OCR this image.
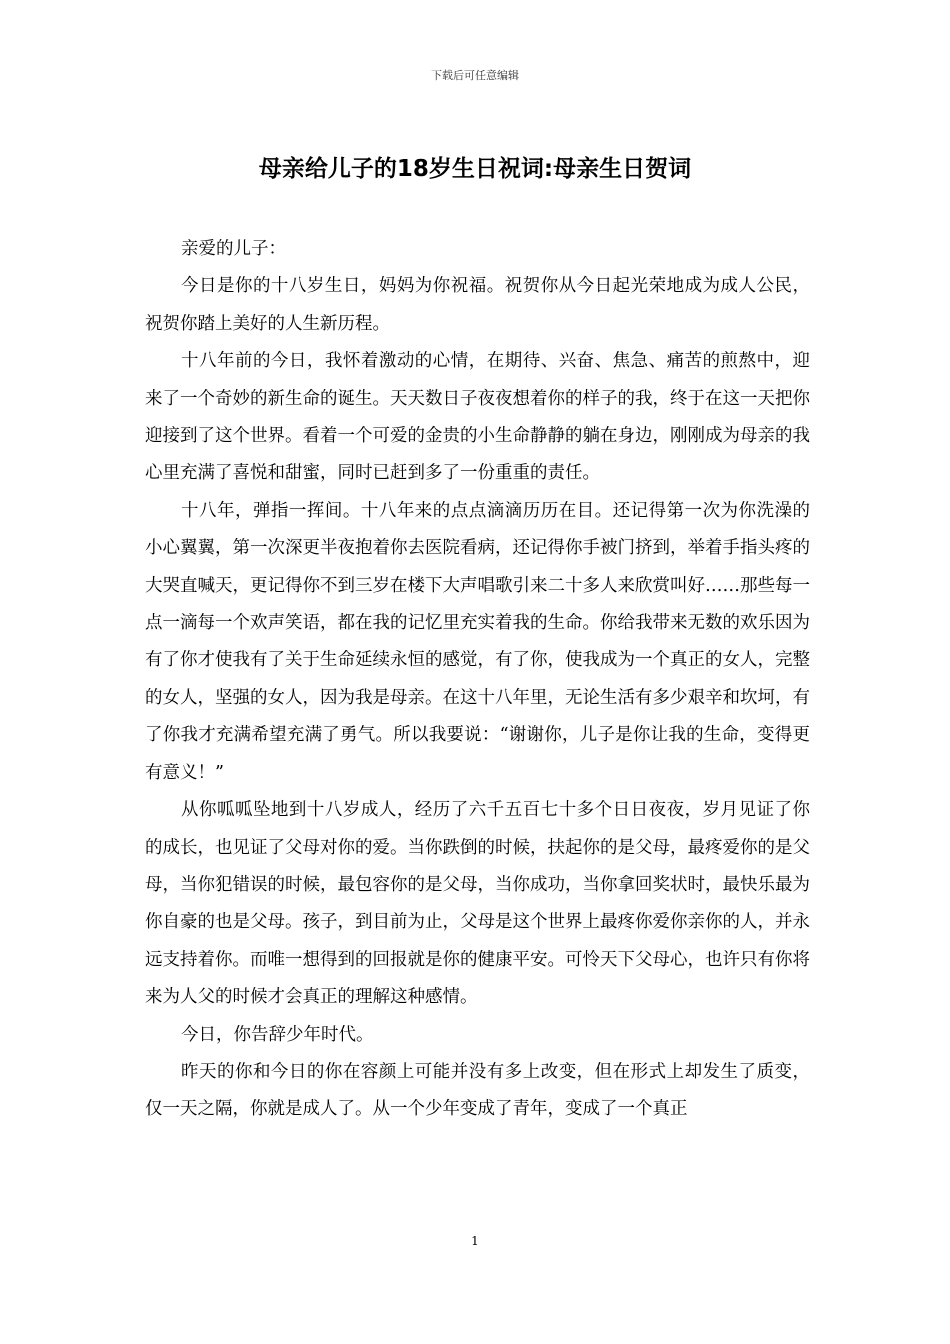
下载后可任意编辑
母亲给儿子的18岁生日祝词:母亲生日贺词

亲爱的儿子：

今日是你的十八岁生日，妈妈为你祝福。祝贺你从今日起光荣地成为成人公民，祝贺你踏上美好的人生新历程。

十八年前的今日，我怀着激动的心情，在期待、兴奋、焦急、痛苦的煎熬中，迎来了一个奇妙的新生命的诞生。天天数日子夜夜想着你的样子的我，终于在这一天把你迎接到了这个世界。看着一个可爱的金贵的小生命静静的躺在身边，刚刚成为母亲的我心里充满了喜悦和甜蜜，同时已赶到多了一份重重的责任。

十八年，弹指一挥间。十八年来的点点滴滴历历在目。还记得第一次为你洗澡的小心翼翼，第一次深更半夜抱着你去医院看病，还记得你手被门挤到，举着手指头疼的大哭直喊天，更记得你不到三岁在楼下大声唱歌引来二十多人来欣赏叫好……那些每一点一滴每一个欢声笑语，都在我的记忆里充实着我的生命。你给我带来无数的欢乐因为有了你才使我有了关于生命延续永恒的感觉，有了你，使我成为一个真正的女人，完整的女人，坚强的女人，因为我是母亲。在这十八年里，无论生活有多少艰辛和坎坷，有了你我才充满希望充满了勇气。所以我要说：“谢谢你，儿子是你让我的生命，变得更有意义！”

从你呱呱坠地到十八岁成人，经历了六千五百七十多个日日夜夜，岁月见证了你的成长，也见证了父母对你的爱。当你跌倒的时候，扶起你的是父母，最疼爱你的是父母，当你犯错误的时候，最包容你的是父母，当你成功，当你拿回奖状时，最快乐最为你自豪的也是父母。孩子，到目前为止，父母是这个世界上最疼你爱你亲你的人，并永远支持着你。而唯一想得到的回报就是你的健康平安。可怜天下父母心，也许只有你将来为人父的时候才会真正的理解这种感情。

今日，你告辞少年时代。

昨天的你和今日的你在容颜上可能并没有多上改变，但在形式上却发生了质变，仅一天之隔，你就是成人了。从一个少年变成了青年，变成了一个真正

1
